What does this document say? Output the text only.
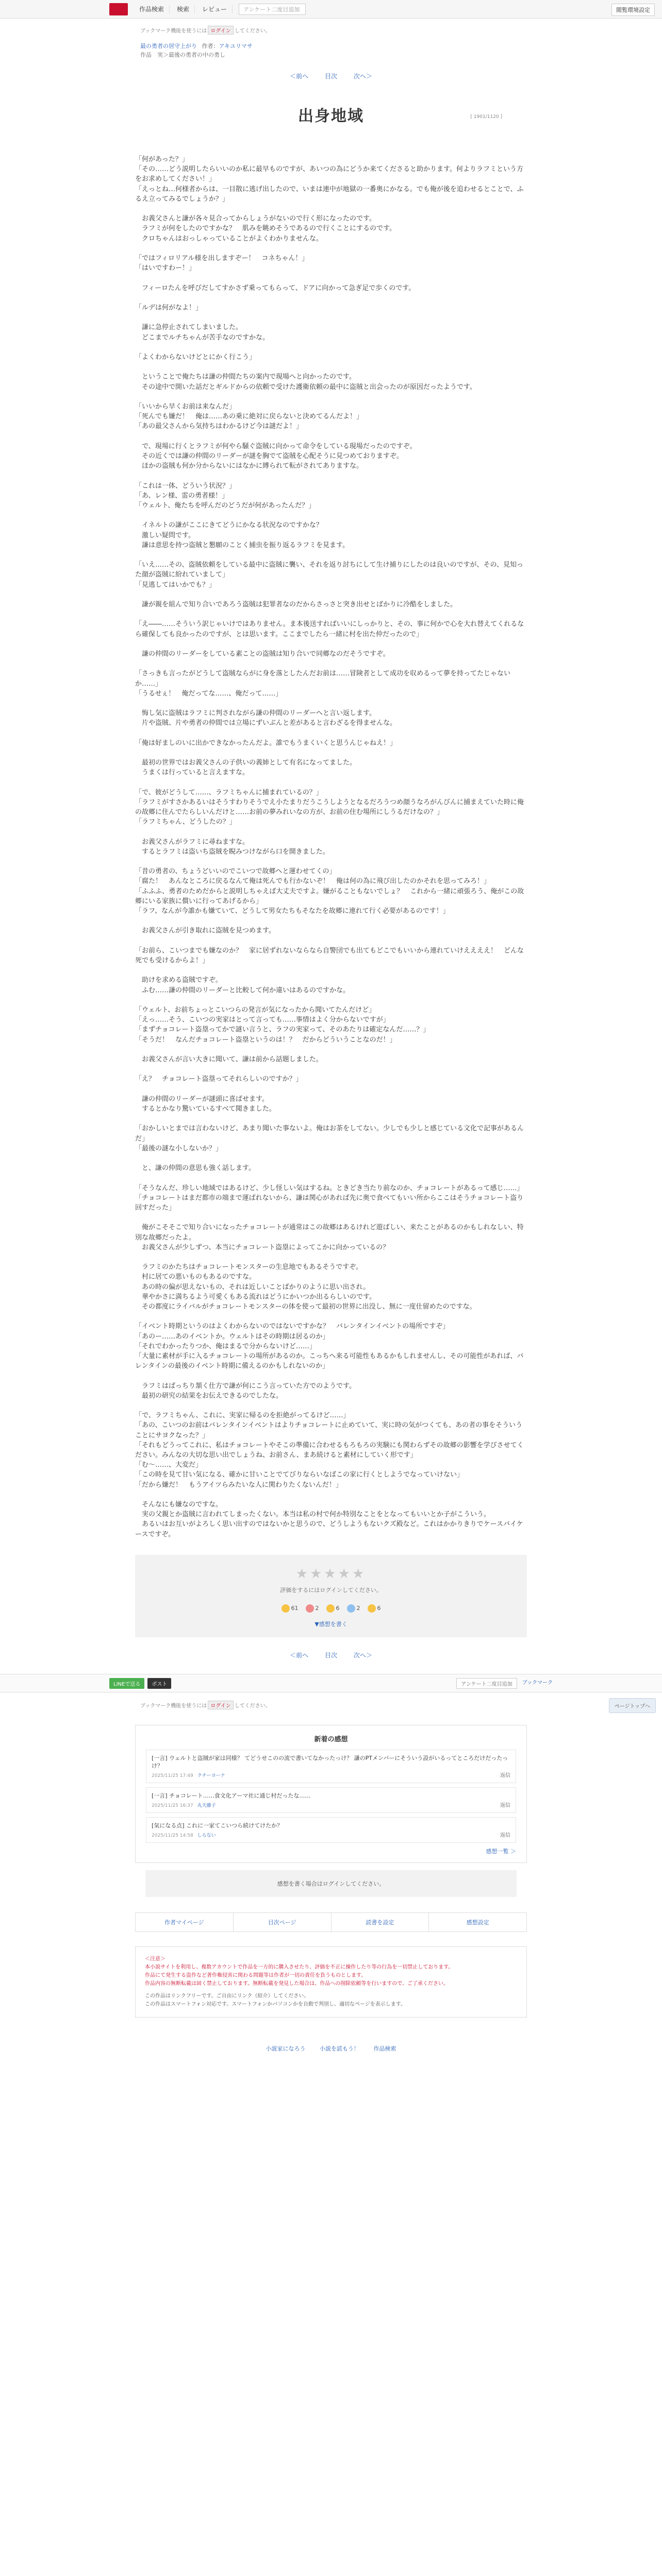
作品検索	検索	レビュー	アンケート二度目追加	閲覧環境設定
ブックマーク機能を使うには ログイン してください。
最の勇者の居守上がり 作者：アキユリマサ
作品　実＞最後の勇者の中の勇し
＜前へ	目次	次へ＞
[ 1901/1120 ]
出身地域

「何があった？」

「その……どう説明したらいいのか私に最早ものですが、あいつの為にどうか来てくださると助かります。何よりラフミという方をお求めしてください！」

「えっとね…何様者からは、一目散に逃げ出したので、いまは連中が地獄の一番奥にかなる。でも俺が後を追わせるとことで、ふるえ立ってみるでしょうか？」

　お義父さんと謙が各々見合ってからしょうがないので行く形になったのです。

　ラフミが何をしたのですかな？　肌みを眺めそうであるので行くことにするのです。

　クロちゃんはおっしゃっていることがよくわかりませんな。

「ではフィロリアル様を出しますぞー！　コネちゃん！」

「はいですわー！」

　フィーロたんを呼びだしてすかさず乗ってもらって、ドアに向かって急ぎ足で歩くのです。

「ルデは何がなよ！」

　謙に急停止されてしまいました。

　どこまでルチちゃんが苦手なのですかな。

「よくわからないけどとにかく行こう」

　ということで俺たちは謙の仲間たちの案内で現場へと向かったのです。

　その途中で開いた話だとギルドからの依頼で受けた護衛依頼の最中に盗賊と出会ったのが原因だったようです。

「いいから早くお前は来なんだ」

「死んでも嫌だ！　俺は……あの乗に絶対に戻らないと決めてるんだよ！」

「あの最父さんから気持ちはわかるけど今は謎だよ！」

　で、現場に行くとラフミが何やら騒ぐ盗賊に向かって命令をしている現場だったのですぞ。

　その近くでは謙の仲間のリーダーが謎を胸でて盗賊を心配そうに見つめておりますぞ。

　ほかの盗賊も何か分からないにはなかに縛られて転がされてありますな。

「これは一体、どういう状況？」

「あ、レン様、雷の勇者様！」

「ウェルト、俺たちを呼んだのどうだが何があったんだ？」

　イネルトの謙がここにきてどうにかなる状況なのですかな？

　激しい疑問です。

　謙は意思を持つ盗賊と懇願のことく捕虫を振り返るラフミを見ます。

「いえ……その、盗賊依頼をしている最中に盗賊に襲い、それを返り討ちにして生け捕りにしたのは良いのですが、その、見知った顔が盗賊に紛れていまして」

「見逃してはいかでも？」

　謙が親を組んで知り合いであろう盗賊は犯罪者なのだからさっさと突き出せとばかりに冷酷をしました。

「え――……そういう訳じゃいけではありません。ま本後送すればいいにしっかりと、その、事に何かで心を大れ替えてくれるなら確保しても良かったのですが、とは思います。ここまでしたら一緒に村を出た仲だったので」

　謙の仲間のリーダーをしている素ことの盗賊は知り合いで同郷なのだそうですぞ。

「さっきも言ったがどうして盗賊ならがに身を落としたんだお前は……冒険者として成功を収めるって夢を持ってたじゃないか……」

「うるせぇ！　俺だってな……、俺だって……」

　悔し気に盗賊はラフミに判されながら謙の仲間のリーダーへと言い返します。

　片や盗賊、片や勇者の仲間では立場にずいぶんと差があると言わざるを得ませんな。

「俺は好ましのいに出かできなかったんだよ。誰でもうまくいくと思うんじゃねえ！」

　最初の世界ではお義父さんの子供いの義姉として有名になってました。

　うまくは行っていると言えますな。

「で、彼がどうして……、ラフミちゃんに捕まれているの？」

「ラフミがすさかあるいはそうすわりそうでえ小たまりだうこうしようとなるだろうつめ顔うなろがんびんに捕まえていた時に俺の故郷に住んでたらしいんだけと……お前の夢みれいなの方が、お前の住む場所にしうるだけなの？」

「ラフミちゃん、どうしたの？」

　お義父さんがラフミに尋ねますな。

　するとラフミは盗いち盗賊を睨みつけながら口を開きました。

「昔の勇者の、ちょうどいいのでこいつで故郷へと運わせてくの」

「腐た！　あんなところに戻るなんて俺は死んでも行かないぞ！　俺は何の為に飛び出したのかそれを思ってみろ！」

「ふふふ、勇者のためだからと説明しちゃえば大丈夫ですよ。嫌がることもないでしょ？　これから一緒に頑張ろう、俺がこの故郷にいる家族に償いに行ってあげるから」

「ラフ、なんが今誰かも嫌ていて、どうして男女たちもそなたを故郷に連れて行く必要があるのです！」

　お義父さんが引き取れに盗賊を見つめます。

「お前ら、こいつまでも嫌なのか？　家に居ずれないならなら自警団でも出てもどこでもいいから連れていけええええ！　どんな死でも受けるからよ！」

　助けを求める盗賊ですぞ。

　ふむ……謙の仲間のリーダーと比較して何か違いはあるのですかな。

「ウェルト、お前ちょっとこいつらの発言が気になったから聞いてたんだけど」

「えっ……そう、こいつの実家はとって言っても……事情はよく分からないですが」

「まずチョコレート盗塁ってかで謎い言うと、ラフの実家って、そのあたりは確定なんだ……？」

「そうだ！　なんだチョコレート盗塁というのは！？　だからどういうことなのだ！」

　お義父さんが言い大きに聞いて、謙は前から話題しました。

「え？　チョコレート盗塁ってそれらしいのですか？」

　謙の仲間のリーダーが謎頭に喜ばせます。

　するとかなり驚いているすべて聞きました。

「おかしいとまでは言わないけど、あまり聞いた事ないよ。俺はお茶をしてない。少しでも少しと感じている文化で記事があるんだ」

「最後の謎な小しないか？」

　と、謙の仲間の意思も強く話します。

「そうなんだ、珍しい地域ではあるけど、少し怪しい気はするね。ときどき当たり前なのか、チョコレートがあるって感じ……」

「チョコレートはまだ都市の端まで運ばれないから、謙は関心があれば先に奥で食べてもいい所からここはそうチョコレート盗り回すだった」

　俺がこそそこで知り合いになったチョコレートが通常はこの故郷はあるけれど遊ばしい、来たことがあるのかもしれなしい、特別な故郷だったよ。

　お義父さんが少しずつ、本当にチョコレート盗塁によってこかに向かっているの？

　ラフミのかたちはチョコレートモンスターの生息地でもあるそうですぞ。

　村に居ての悪いものもあるのですな。

　あの時の偏が思えないもの、それは近しいことばかりのように思い出され。

　華やかさに満ちるよう可愛くもある流れはどうにかいつか出るらしいのです。

　その都度にライバルがチョコレートモンスターの体を使って最初の世界に出没し、無に一度仕留めたのですな。

「イベント時期というのはよくわからないのではないですかな？　バレンタインイベントの場所ですぞ」

「あのー……あのイベントか。ウェルトはその時期は居るのか」

「それでわかったりつか、俺はまるで分からないけど……」

「大量に素材が手に入るチョコレートの場所があるのか。こっちへ来る可能性もあるかもしれませんし、その可能性があれば、バレンタインの最後のイベント時期に備えるのかもしれないのか」

　ラフミはぱっちり頷く仕方で謙が何にこう言っていた方でのようです。

　最初の研究の結果をお伝えできるのでしたな。

「で、ラフミちゃん、これに、実家に帰るのを拒絶がってるけど……」

「あの、こいつのお前はバレンタインイベントはよりチョコレートに止めていて、実に時の気がつくても、あの者の事をそういうことにサヨクなった？」

「それもどうってこれに、私はチョコレートやそこの準備に合わせるもろもろの実験にも関わらずその故郷の影響を学びさせてください。みんなの大切な思い出でしょうね、お前さん、まあ続けると素材にしていく形です」

「む〜……、大変だ」

「この時を見て甘い気になる、確かに甘いことでてびりならいなばこの家に行くとしようでなっていけない」

「だから嫌だ！　もうアイツらみたいな人に関わりたくないんだ！」

　そんなにも嫌なのですな。

　実の父親とか盗賊に言われてしまったくない。本当は私の村で何か特別なことをとなってもいいとか子がこういう。

　あるいはお互いがよろしく思い出すのではないかと思うので、どうしようもないクズ殿など。これはかかりきりでケースバイケースですぞ。

★★★★★
評価をするにはログインしてください。
61	2	6	2	6
▼感想を書く
＜前へ	目次	次へ＞
ページトップへ
LINEで送る	ポスト	アンケート二度目追加	ブックマーク
ブックマーク機能を使うには ログイン してください。
新着の感想
[一言] ウェルトと盗賊が家は同様？ てどうせこのの流で書いてなかったっけ？ 謙のPTメンバーにそういう設がいるってところだけだったっけ？
2025/11/25 17:49 クチーヨーナ	返信
[一言] チョコレート……食文化アーマ社に通じ村だったな……
2025/11/25 16:37 丸天藤子	返信
[気になる点] これに一家てこいつら続けてけたか？
2025/11/25 14:58 しらない	返信
感想一覧 ＞
感想を書く場合はログインしてください。
作者マイページ	目次ページ	読書を設定	感想設定
＜注意＞
本小説サイトを利用し、複数アカウントで作品を一方的に購入させたり、評価を不正に操作したり等の行為を一切禁止しております。
作品にて発生する盗作など著作権侵害に関わる問題等は作者が一切の責任を負うものとします。
作品内容の無断転載は固く禁止しております。無断転載を発見した場合は、作品への削除依頼等を行いますので、ご了承ください。
この作品はリンクフリーです。ご自由にリンク（紹介）してください。
この作品はスマートフォン対応です。スマートフォンかパソコンかを自動で判別し、適切なページを表示します。
小説家になろう	小説を読もう！	作品検索
